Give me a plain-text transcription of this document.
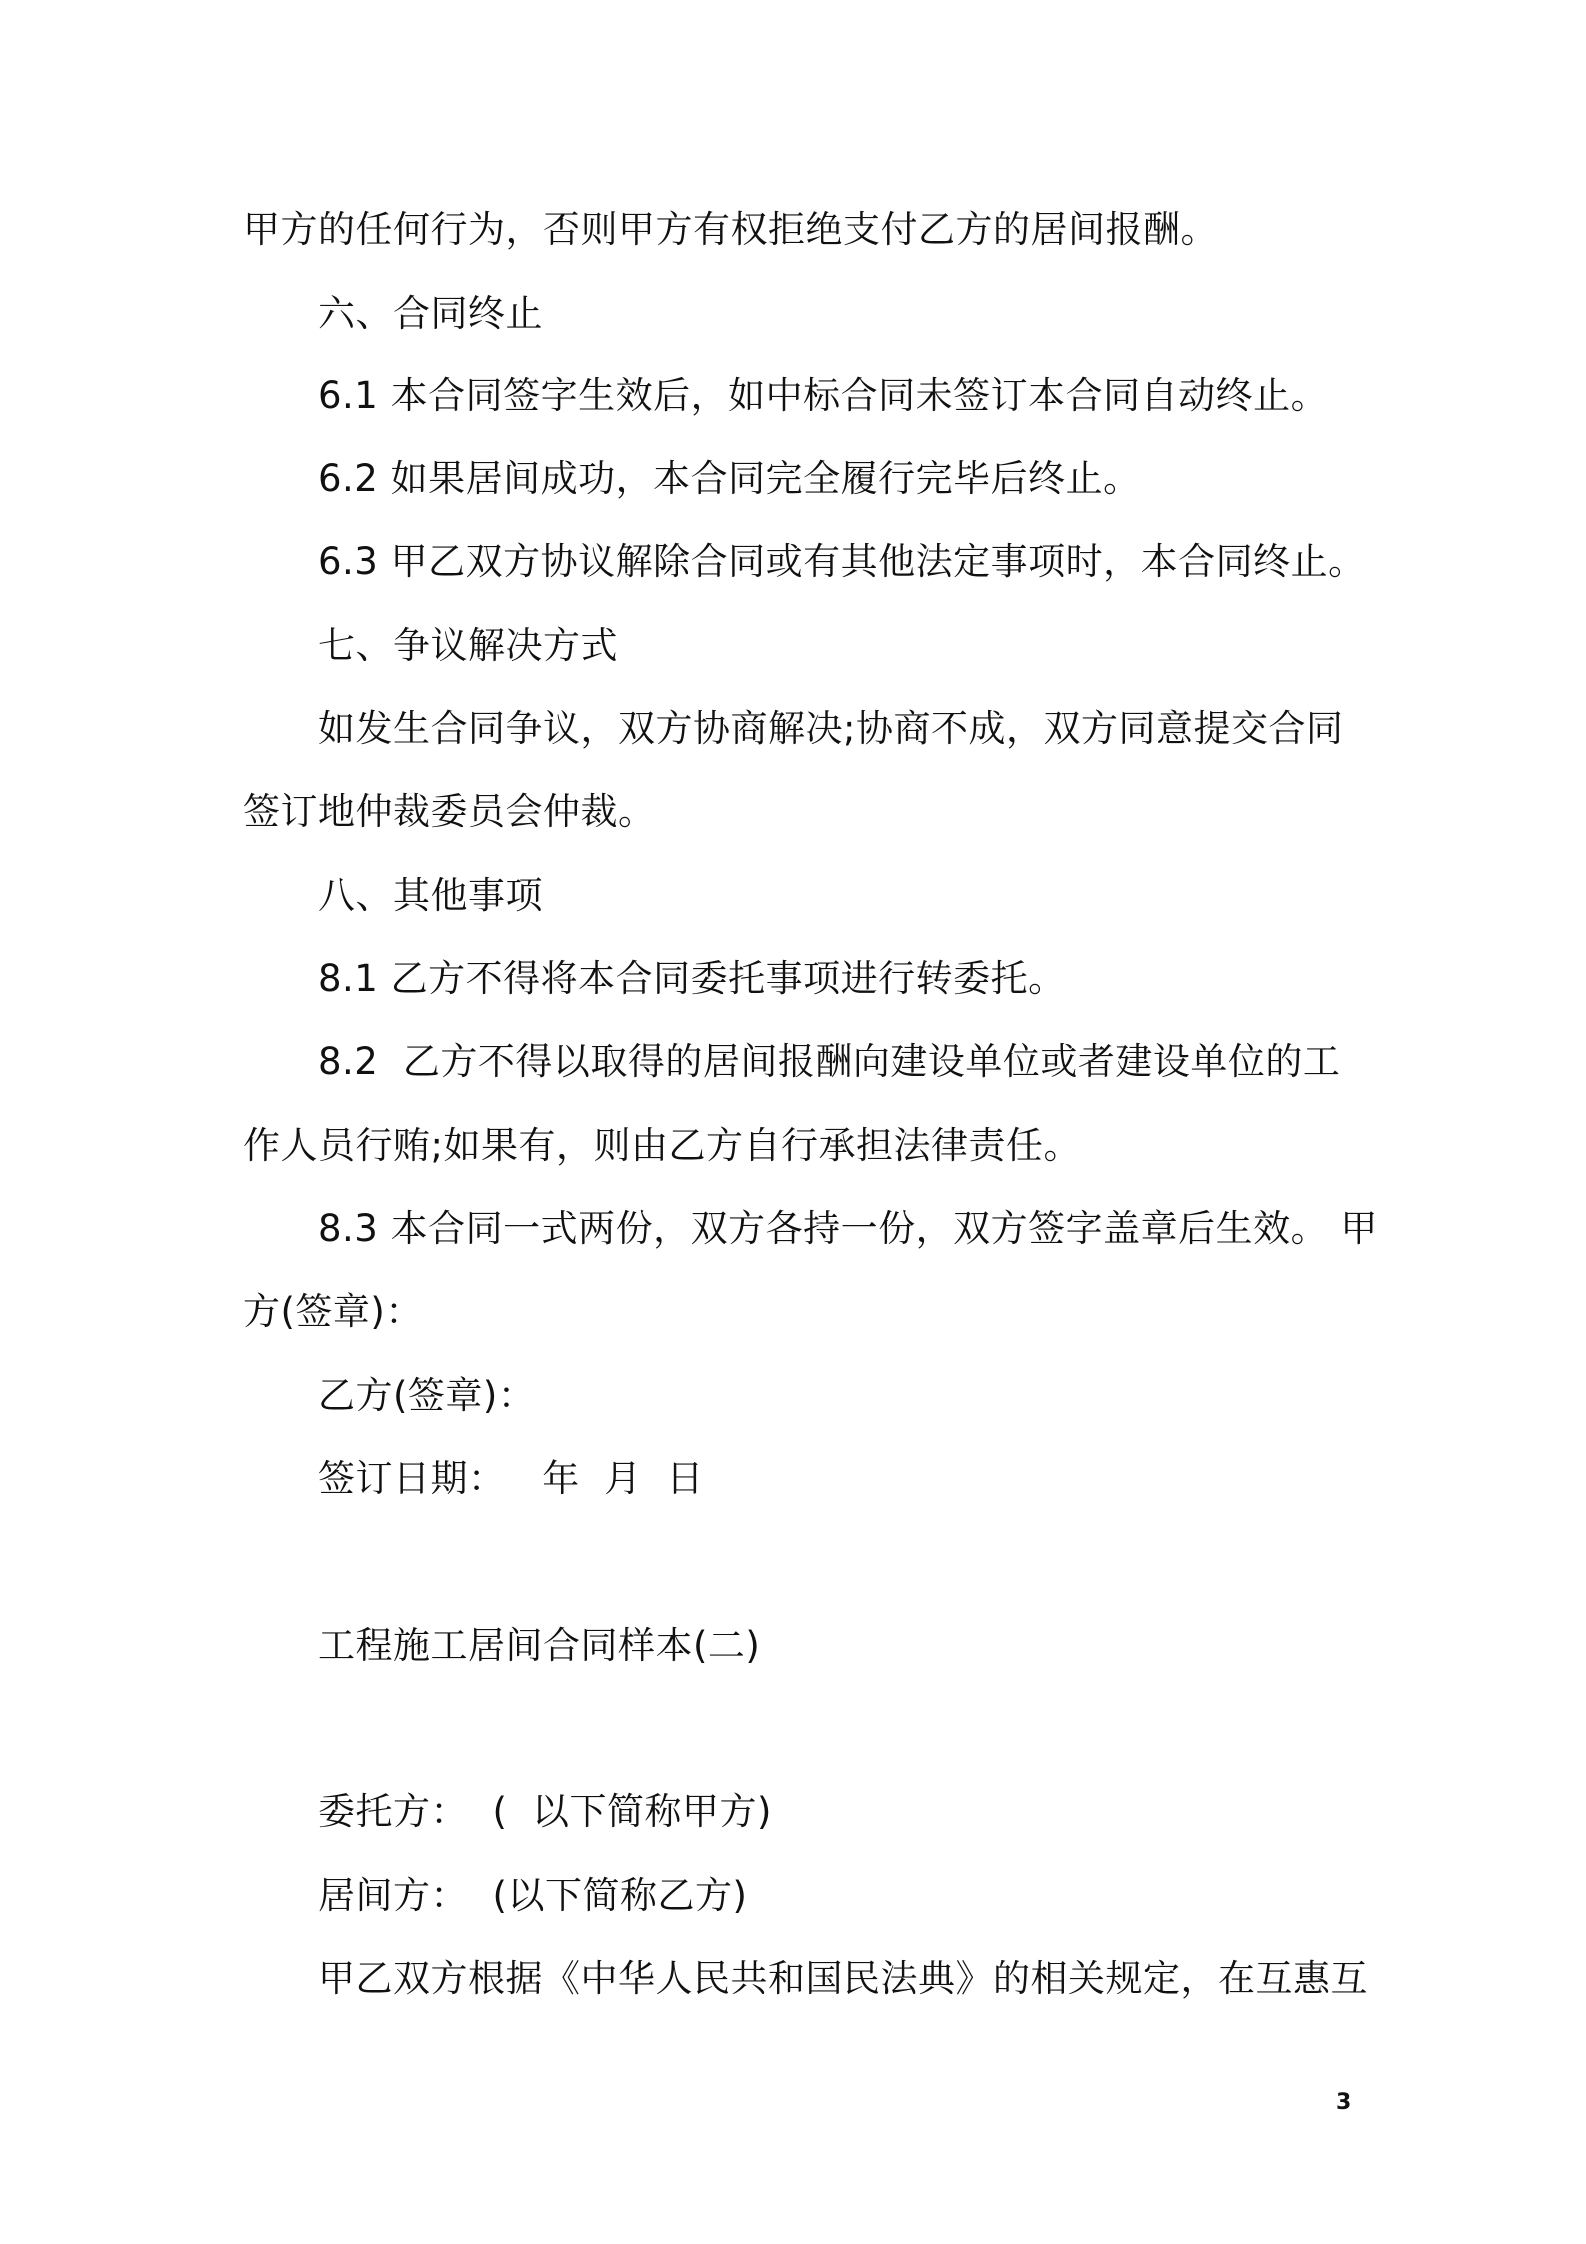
甲方的任何行为，否则甲方有权拒绝支付乙方的居间报酬。
六、合同终止
6.1 本合同签字生效后，如中标合同未签订本合同自动终止。
6.2 如果居间成功，本合同完全履行完毕后终止。
6.3 甲乙双方协议解除合同或有其他法定事项时，本合同终止。
七、争议解决方式
如发生合同争议，双方协商解决;协商不成，双方同意提交合同
签订地仲裁委员会仲裁。
八、其他事项
8.1 乙方不得将本合同委托事项进行转委托。
8.2  乙方不得以取得的居间报酬向建设单位或者建设单位的工
作人员行贿;如果有，则由乙方自行承担法律责任。
8.3 本合同一式两份，双方各持一份，双方签字盖章后生效。 甲
方(签章)：
乙方(签章)：
签订日期：   年  月  日
工程施工居间合同样本(二)
委托方：  (  以下简称甲方)
居间方：  (以下简称乙方)
甲乙双方根据《中华人民共和国民法典》的相关规定，在互惠互
3
